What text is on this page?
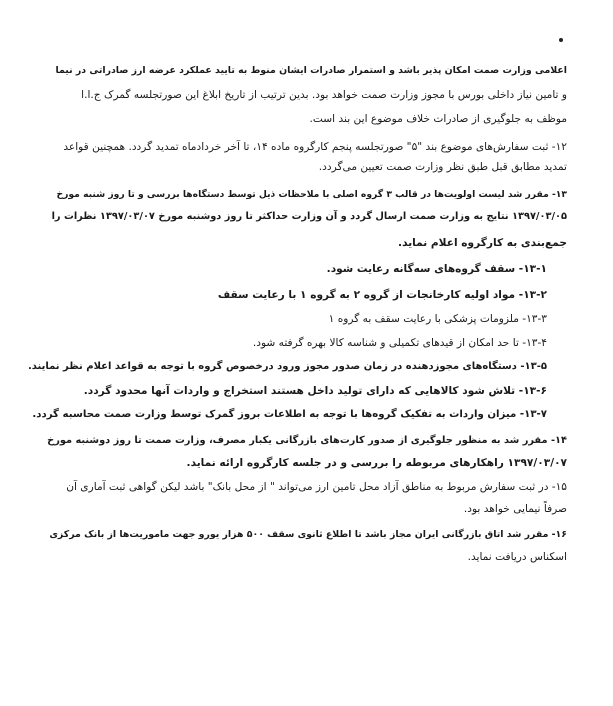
اعلامی وزارت صمت امکان پذیر باشد و استمرار صادرات ایشان منوط به تایید عملکرد عرضه ارز صادراتی در نیما
و تامین نیاز داخلی بورس با مجوز وزارت صمت خواهد بود. بدین ترتیب از تاریخ ابلاغ این صورتجلسه گمرک ج.ا.ا
موظف به جلوگیری از صادرات خلاف موضوع این بند است.
۱۲- ثبت سفارش‌های موضوع بند "۵" صورتجلسه پنجم کارگروه ماده ۱۴، تا آخر خردادماه تمدید گردد. همچنین قواعد
تمدید مطابق قبل طبق نظر وزارت صمت تعیین می‌گردد.
۱۳- مقرر شد لیست اولویت‌ها در قالب ۳ گروه اصلی با ملاحظات ذیل توسط دستگاه‌ها بررسی و تا روز شنبه مورخ
۱۳۹۷/۰۳/۰۵ نتایج به وزارت صمت ارسال گردد و آن وزارت حداکثر تا روز دوشنبه مورخ ۱۳۹۷/۰۳/۰۷ نظرات را
جمع‌بندی به کارگروه اعلام نماید.
۱۳-۱- سقف گروه‌های سه‌گانه رعایت شود.
۱۳-۲- مواد اولیه کارخانجات از گروه ۲ به گروه ۱ با رعایت سقف
۱۳-۳- ملزومات پزشکی با رعایت سقف به گروه ۱
۱۳-۴- تا حد امکان از قیدهای تکمیلی و شناسه کالا بهره گرفته شود.
۱۳-۵- دستگاه‌های مجوزدهنده در زمان صدور مجوز ورود درخصوص گروه با توجه به قواعد اعلام نظر نمایند.
۱۳-۶- تلاش شود کالاهایی که دارای تولید داخل هستند استخراج و واردات آنها محدود گردد.
۱۳-۷- میزان واردات به تفکیک گروه‌ها با توجه به اطلاعات بروز گمرک توسط وزارت صمت محاسبه گردد.
۱۴- مقرر شد به منظور جلوگیری از صدور کارت‌های بازرگانی یکبار مصرف، وزارت صمت تا روز دوشنبه مورخ
۱۳۹۷/۰۳/۰۷ راهکارهای مربوطه را بررسی و در جلسه کارگروه ارائه نماید.
۱۵- در ثبت سفارش مربوط به مناطق آزاد محل تامین ارز می‌تواند " از محل بانک" باشد لیکن گواهی ثبت آماری آن
صرفاً نیمایی خواهد بود.
۱۶- مقرر شد اتاق بازرگانی ایران مجاز باشد تا اطلاع ثانوی سقف ۵۰۰ هزار یورو جهت ماموریت‌ها از بانک مرکزی
اسکناس دریافت نماید.
